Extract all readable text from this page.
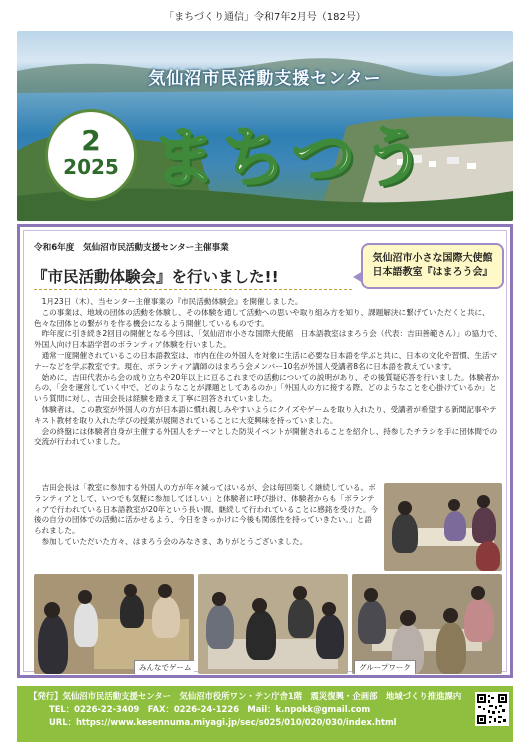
「まちづくり通信」令和7年2月号（182号）
気仙沼市民活動支援センター
2
2025 まちつう
令和6年度　気仙沼市民活動支援センター主催事業
『市民活動体験会』を行いました!!
気仙沼市小さな国際大使館
日本語教室『はまろう会』

1月23日（木）、当センター主催事業の『市民活動体験会』を開催しました。

この事業は、地域の団体の活動を体験し、その体験を通して活動への思いや取り組み方を知り、課題解決に繋げていただくと共に、色々な団体との繋がりを作る機会になるよう開催しているものです。

昨年度に引き続き2回目の開催となる今回は、「気仙沼市小さな国際大使館　日本語教室はまろう会（代表：吉田善範さん）」の協力で、外国人向け日本語学習のボランティア体験を行いました。

通常一度開催されているこの日本語教室は、市内在住の外国人を対象に生活に必要な日本語を学ぶと共に、日本の文化や習慣、生活マナーなどを学ぶ教室です。現在、ボランティア講師のはまろう会メンバー10名が外国人受講者8名に日本語を教えています。

始めに、吉田代表から会の成り立ちや20年以上に亘るこれまでの活動についての説明があり、その後質疑応答を行いました。体験者からの、「会を運営していく中で、どのようなことが課題としてあるのか」「外国人の方に接する際、どのようなことを心掛けているか」という質問に対し、吉田会長は経験を踏まえ丁寧に回答されていました。

体験者は、この教室が外国人の方が日本語に慣れ親しみやすいようにクイズやゲームを取り入れたり、受講者が希望する新聞記事やテキスト教材を取り入れた学びの授業が展開されていることに大変興味を持っていました。

会の終盤には体験者自身が主催する外国人をテーマとした防災イベントが開催されることを紹介し、持参したチラシを手に団体間での交流が行われていました。

吉田会長は「教室に参加する外国人の方が年々減ってはいるが、会は毎回楽しく継続している。ボランティアとして、いつでも気軽に参加してほしい」と体験者に呼び掛け、体験者からも「ボランティアで行われている日本語教室が20年という長い間、継続して行われていることに感銘を受けた。今後の自分の団体での活動に活かせるよう、今日をきっかけに今後も関係性を持っていきたい。」と語られました。

参加していただいた方々、はまろう会のみなさま、ありがとうございました。

みんなでゲーム	グループワーク
【発行】気仙沼市民活動支援センター　気仙沼市役所ワン・テン庁舎1階　震災復興・企画部　地域づくり推進課内
TEL：0226-22-3409　FAX：0226-24-1226　Mail：k.npokk@gmail.com
URL：https://www.kesennuma.miyagi.jp/sec/s025/010/020/030/index.html
